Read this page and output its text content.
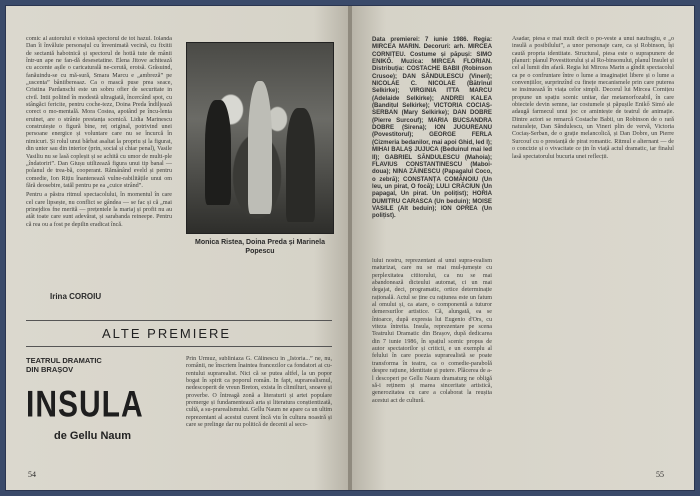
comic al autorului e vioiusă spectorul de tot hazul. Iolanda Dan îi învăluie personajul cu învenimată vecină, cu fixitii de sectantă habotnică și spectorul de hotiă tute de mânii într-un ape ne fan-dă desesetatine. Elena Jitove achitează cu accente așile o caricaturală ne-cerută, eroisă. Grăsuind, fanăuindu-se cu mă-sură, Smara Marcu e „ambreză” pe „uscenta” bâniibereaaz. Ca o mască puse prea seace, Cristina Pardanschi este un sobru ofier de securitate in civil. Intii poliind în modestă ultragiată, încercând spot, cu stângăci fericite, pentru coche-tezz, Doina Preda îndiljează corect o mo-mentală. Mora Costea, apoiând pe încu-lenta eruinet, are o strânie prestanța scenică. Lidia Marinescu construiește o figură bine, reț original, potrivind unei persoane energice și voluntare care nu se încurcă în nimicuri. Și rolul unui bărbat asaltat la propriu și la figurat, din unter sau din interior (prin, social și chiar penal), Vasile Vasiliu nu se lasă copleșit și se achită cu umor de multi-ple „îndatoriri”. Dan Giușu utilizează figura unui tip banal — polanul de trea-bă, cooperant. Rămânând eveld și pentru comedie, Ion Rițiu înantenează vulne-rabilitățile unui om fără deosebire, tatăl pentru pe ea „cuice strând”.
Pentru a păstra ritmul spectacolului, în momentul în care cel care lipsește, nu conflict se gândea — se fac și că „mai prinejdios fne merită — prețentele la mariaj și profit nu au atât toate care sunt adevărat, și sarabanda reineepe. Pentru că rea ou a fost pe depilin eradicat încă.
Irina COROIU
Monica Ristea, Doina Preda și Marinela Popescu
ALTE PREMIERE
TEATRUL DRAMATIC DIN BRAȘOV
INSULA
de Gellu Naum
Prin Urmuz, subliniaza G. Călinescu în „Istoria...” ne, nu, românii, ne înscriem înaintea francezilor ca fondatori ai cu-rentului suprarealist. Nici că se putea altfel, la un popor bogat în spirit ca poporul român. In fapt, suprarealismul, nedescoperit de vreun Breton, exista în climilturi, snoave și proverbe. O întreagă zonă a literaturii și artei populare premerge și fundamentează arta și literatura conștientizată, cultă, a su-prarealismului. Gellu Naum ne apare ca un ultim reprezentant al acestui curent încă viu în cultura noastră și care se prelinge dar nu politică de decenii al seco-
54
Data premierei: 7 iunie 1986. Regia: MIRCEA MARIN. Decoruri: arh. MIRCEA CORNIȚEU. Costume și păpuși: SIMO ENIKŐ. Muzica: MIRCEA FLORIAN. Distribuția: COSTACHE BABII (Robinson Crusoe); DAN SĂNDULESCU (Vineri); NICOLAE C. NICOLAE (Bătrînul Selkirke); VIRGINIA ITTA MARCU (Adelaide Selkirke); ANDREI KALEA (Bandițul Selkirke); VICTORIA COCIAȘ-SERBAN (Mary Selkirke); DAN DOBRE (Pierre Surcouf); MARIA BUCSANDRA DOBRE (Sirena); ION JUGUREANU (Povestitorul); GEORGE FERLA (Cizmeria bedanilor, mai apoi Ghid, led I); MIHAI BALAȘ JUJUCA (Beduinul mai led II); GABRIEL SĂNDULESCU (Mahoia); FLAVIUS CONSTANTINESCU (Maboi-doua); NINA ZĂINESCU (Papagalul Coco, o zebră); CONSTANȚA COMĂNOIU (Un leu, un pirat, O focă); LULI CRĂCIUN (Un papagal, Un pirat. Un polițist); HORIA DUMITRU CARASCA (Un beduin); MOISE VASILE (Alt beduin); ION OPREA (Un polițist).
lului nostru, reprezentant al unui supra-realism maturizat, care nu se mai mul-țumește cu perplexitatea cititorului, ca nu se mai abandonează dicteului automat, ci un mai degajat, deci, programatic, ortice determinație rațională. Actul se ține cu rațiunea este un fatum al omului și, ca atare, o componentă a tuturor demersurilor artistice. Că, alungată, ea se întoarce, după expresia lui Eugenio d'Ors, cu viteza întreita. Insula, reprezentare pe scena Teatrului Dramatic din Brașov, după dedicarea din 7 iunie 1986, în spațiul scenic propus de autor spectatorilor și criticii, e un exemplu al felului în care poezia suprarealistă se poate transforma în teatru, ca o comedie-parabolă despre rațiune, identitate și putere. Plăcerea de a-l descoperi pe Gellu Naum dramaturg ne obligă să-i reținem și marea sinceritate artistică, generozitatea cu care a colaborat la reușita acestui act de cultură.
Asadar, piesa e mai mult decît o po-veste a unui naufragiu, e „o insulă a posibilului”, a unor personaje care, ca și Robinson, își caută propria identitate. Structural, piesa este o suprapunere de planuri: planul Povestitorului și al Ro-binsonului, planul Insulei și cel al lumii din afară. Regia lui Mircea Marin a gîndit spectacolul ca pe o confruntare între o lume a imaginației libere și o lume a convențiilor, surprinzînd cu finețe mecanismele prin care puterea se insinuează în viața celor simpli. Decorul lui Mircea Cornițeu propune un spațiu scenic unitar, dar metamorfozabil, în care obiectele devin semne, iar costumele și păpușile Enikő Simó ale adaugă farmecul unui joc ce amintește de teatrul de animație. Dintre actori se remarcă Costache Babii, un Robinson de o rară naturalețe, Dan Săndulescu, un Vineri plin de vervă, Victoria Cociaș-Serban, de o grație melancolică, și Dan Dobre, un Pierre Surcouf cu o prestanță de pirat romantic. Ritmul e alternant — de o concizie și o vivacitate ce țin în viață actul dramatic, iar finalul lasă spectatorului bucuria unei reflecții.
55
